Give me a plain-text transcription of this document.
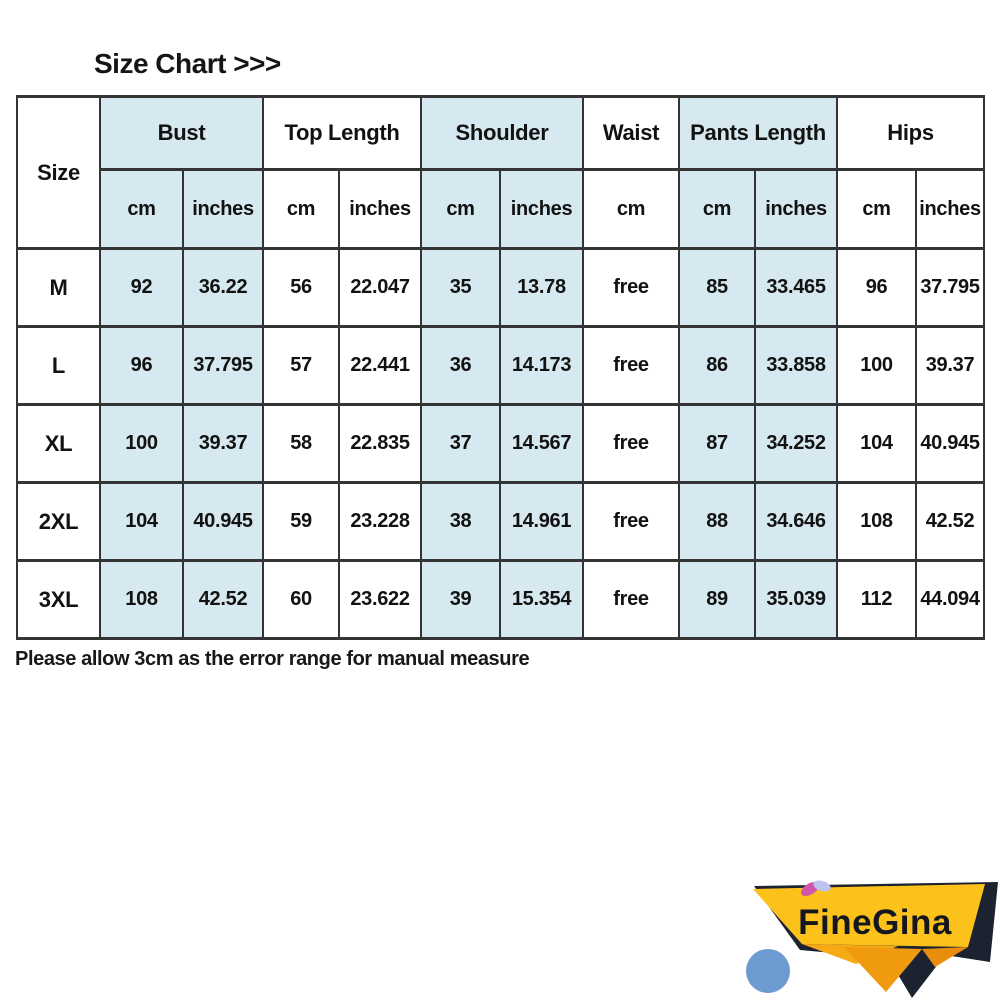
Size Chart >>>
Size	Bust		Top Length		Shoulder		Waist	Pants Length		Hips	
	cm	inches	cm	inches	cm	inches	cm	cm	inches	cm	inches
M	92	36.22	56	22.047	35	13.78	free	85	33.465	96	37.795
L	96	37.795	57	22.441	36	14.173	free	86	33.858	100	39.37
XL	100	39.37	58	22.835	37	14.567	free	87	34.252	104	40.945
2XL	104	40.945	59	23.228	38	14.961	free	88	34.646	108	42.52
3XL	108	42.52	60	23.622	39	15.354	free	89	35.039	112	44.094
Please allow 3cm as the error range for manual measure
FineGina
